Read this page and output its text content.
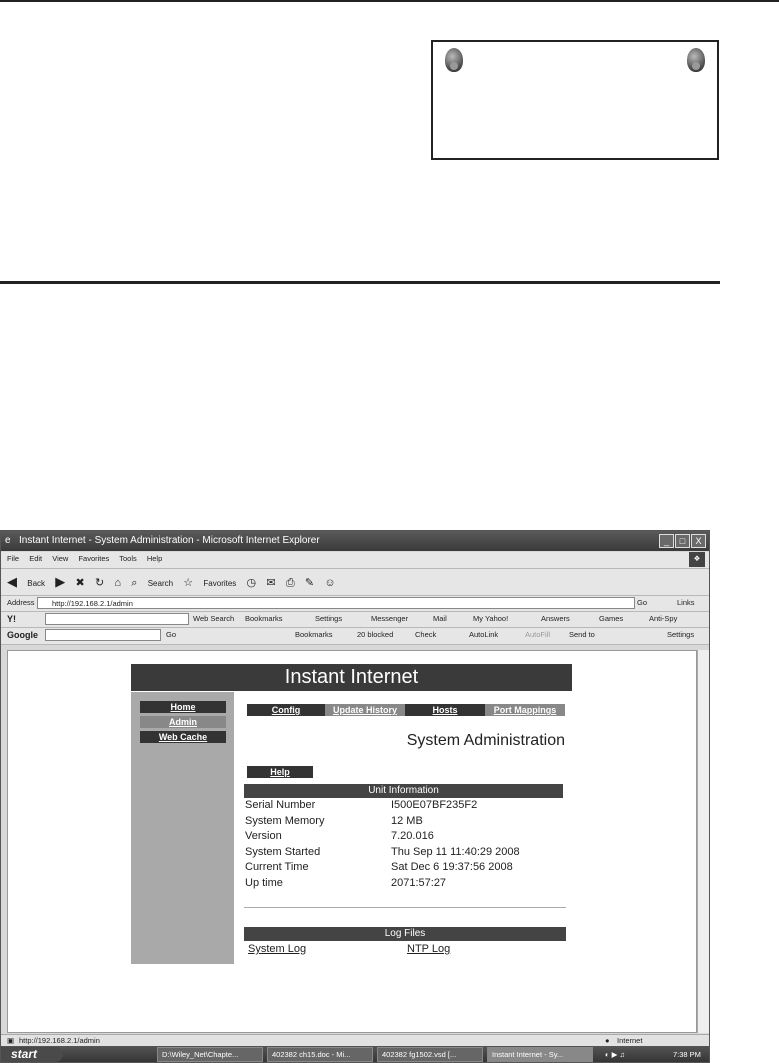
e Instant Internet - System Administration - Microsoft Internet Explorer	_	□	X
File Edit View Favorites Tools Help	❖
◀ Back ▶ ✖ ↻ ⌂ ⌕ Search ☆ Favorites ◷ ✉ ⎙ ✎ ☺
Address	http://192.168.2.1/admin	Go	Links
Y!	Web Search Bookmarks	Settings	Messenger	Mail	My Yahoo!	Answers	Games	Anti-Spy
Google	Go	Bookmarks	20 blocked	Check	AutoLink	AutoFill	Send to	Settings
Instant Internet
Home
Admin
Web Cache
Config	Update History	Hosts	Port Mappings
System Administration
Help
Unit Information
Serial Number	I500E07BF235F2
System Memory	12 MB
Version	7.20.016
System Started	Thu Sep 11 11:40:29 2008
Current Time	Sat Dec 6 19:37:56 2008
Up time	2071:57:27
Log Files
System Log	NTP Log
▣ http://192.168.2.1/admin	● Internet
start	D:\Wiley_Net\Chapte...	402382 ch15.doc - Mi...	402382 fg1502.vsd [...	Instant Internet - Sy...	◐ ▶ ♫	7:38 PM
